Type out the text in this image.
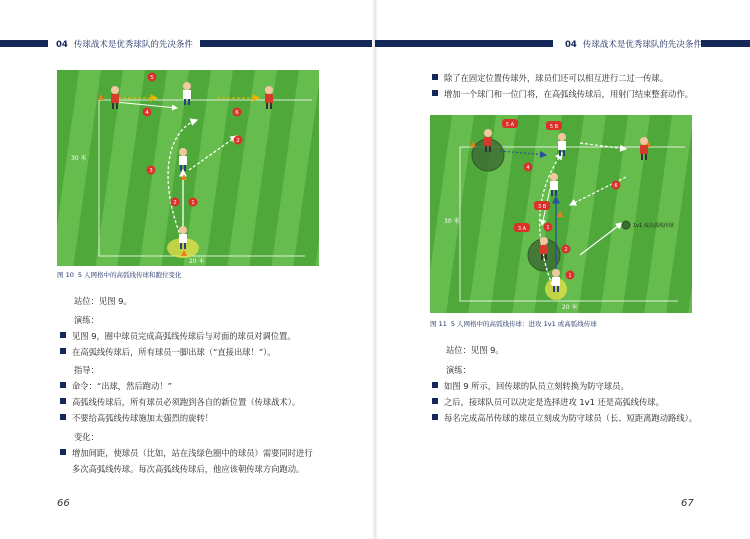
04 传球战术是优秀球队的先决条件
30 米
20 米
5
4	6
2
3
2	1
图 10 5 人网格中的高弧线传球和跑位变化
站位：见图 9。
演练：
见图 9，圈中球员完成高弧线传球后与对面的球员对调位置。
在高弧线传球后，所有球员一脚出球（“直接出球！”）。
指导：
命令：“出球，然后跑动！”
高弧线传球后，所有球员必须跑到各自的新位置（传球战术）。
不要给高弧线传球施加太强烈的旋转！
变化：
增加间距，使球员（比如，站在浅绿色圈中的球员）需要同时进行
多次高弧线传球。每次高弧线传球后，他应该朝传球方向跑动。
66
04 传球战术是优秀球队的先决条件
除了在固定位置传球外，球员们还可以相互进行二过一传球。
增加一个球门和一位门将，在高弧线传球后，用射门结束整套动作。
30 米
20 米
5 A	5 B
3 B
3 A
6
4
1
2
1
1v1 或高弧线传球
图 11 5 人网格中的高弧线传球：进攻 1v1 或高弧线传球
站位：见图 9。
演练：
如图 9 所示，回传球的队员立刻转换为防守球员。
之后，接球队员可以决定是选择进攻 1v1 还是高弧线传球。
每名完成高吊传球的球员立刻成为防守球员（长、短距离跑动路线）。
67
